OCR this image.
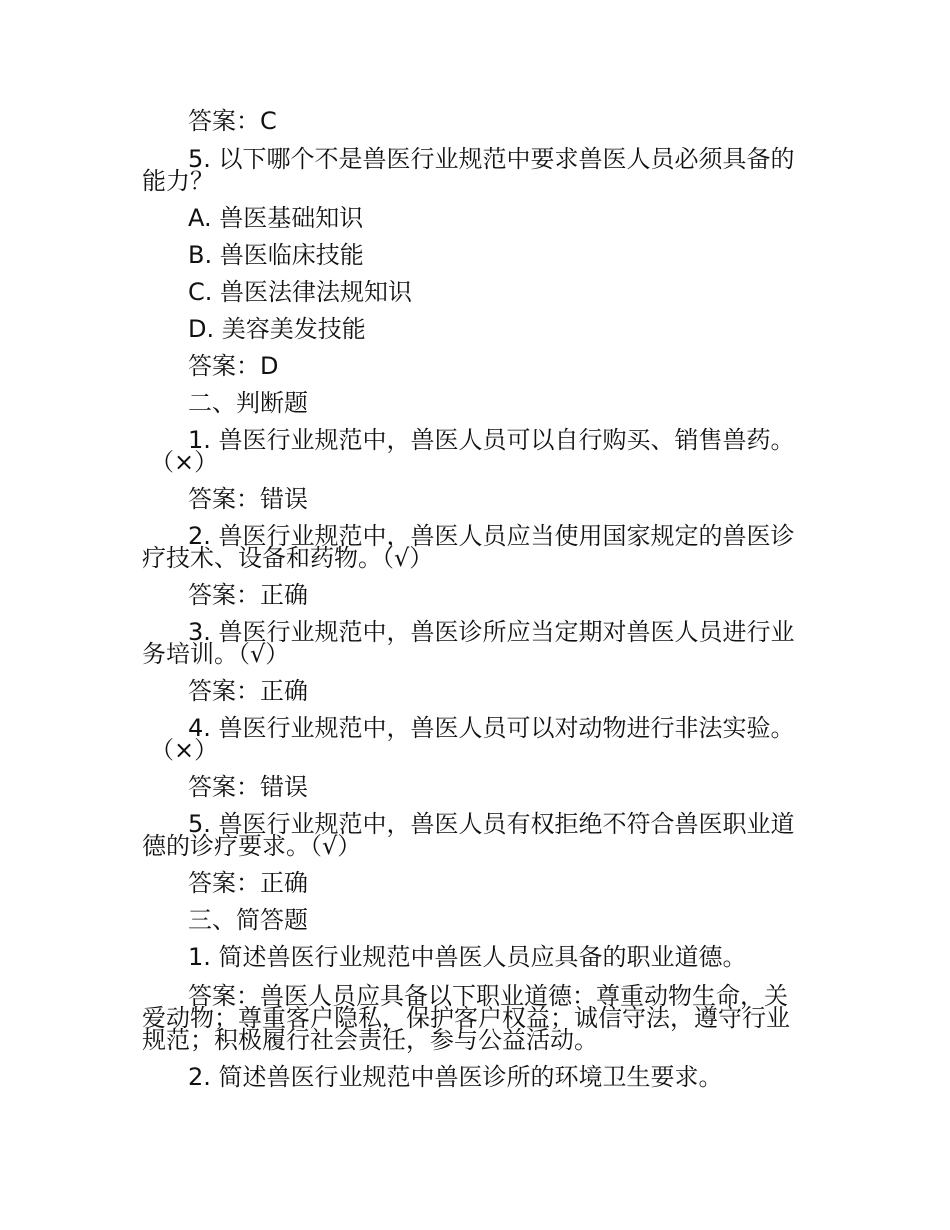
答案：C
5. 以下哪个不是兽医行业规范中要求兽医人员必须具备的
能力？
A. 兽医基础知识
B. 兽医临床技能
C. 兽医法律法规知识
D. 美容美发技能
答案：D
二、判断题
1. 兽医行业规范中，兽医人员可以自行购买、销售兽药。
（×）
答案：错误
2. 兽医行业规范中，兽医人员应当使用国家规定的兽医诊
疗技术、设备和药物。（√）
答案：正确
3. 兽医行业规范中，兽医诊所应当定期对兽医人员进行业
务培训。（√）
答案：正确
4. 兽医行业规范中，兽医人员可以对动物进行非法实验。
（×）
答案：错误
5. 兽医行业规范中，兽医人员有权拒绝不符合兽医职业道
德的诊疗要求。（√）
答案：正确
三、简答题
1. 简述兽医行业规范中兽医人员应具备的职业道德。
答案：兽医人员应具备以下职业道德：尊重动物生命，关
爱动物；尊重客户隐私，保护客户权益；诚信守法，遵守行业
规范；积极履行社会责任，参与公益活动。
2. 简述兽医行业规范中兽医诊所的环境卫生要求。
